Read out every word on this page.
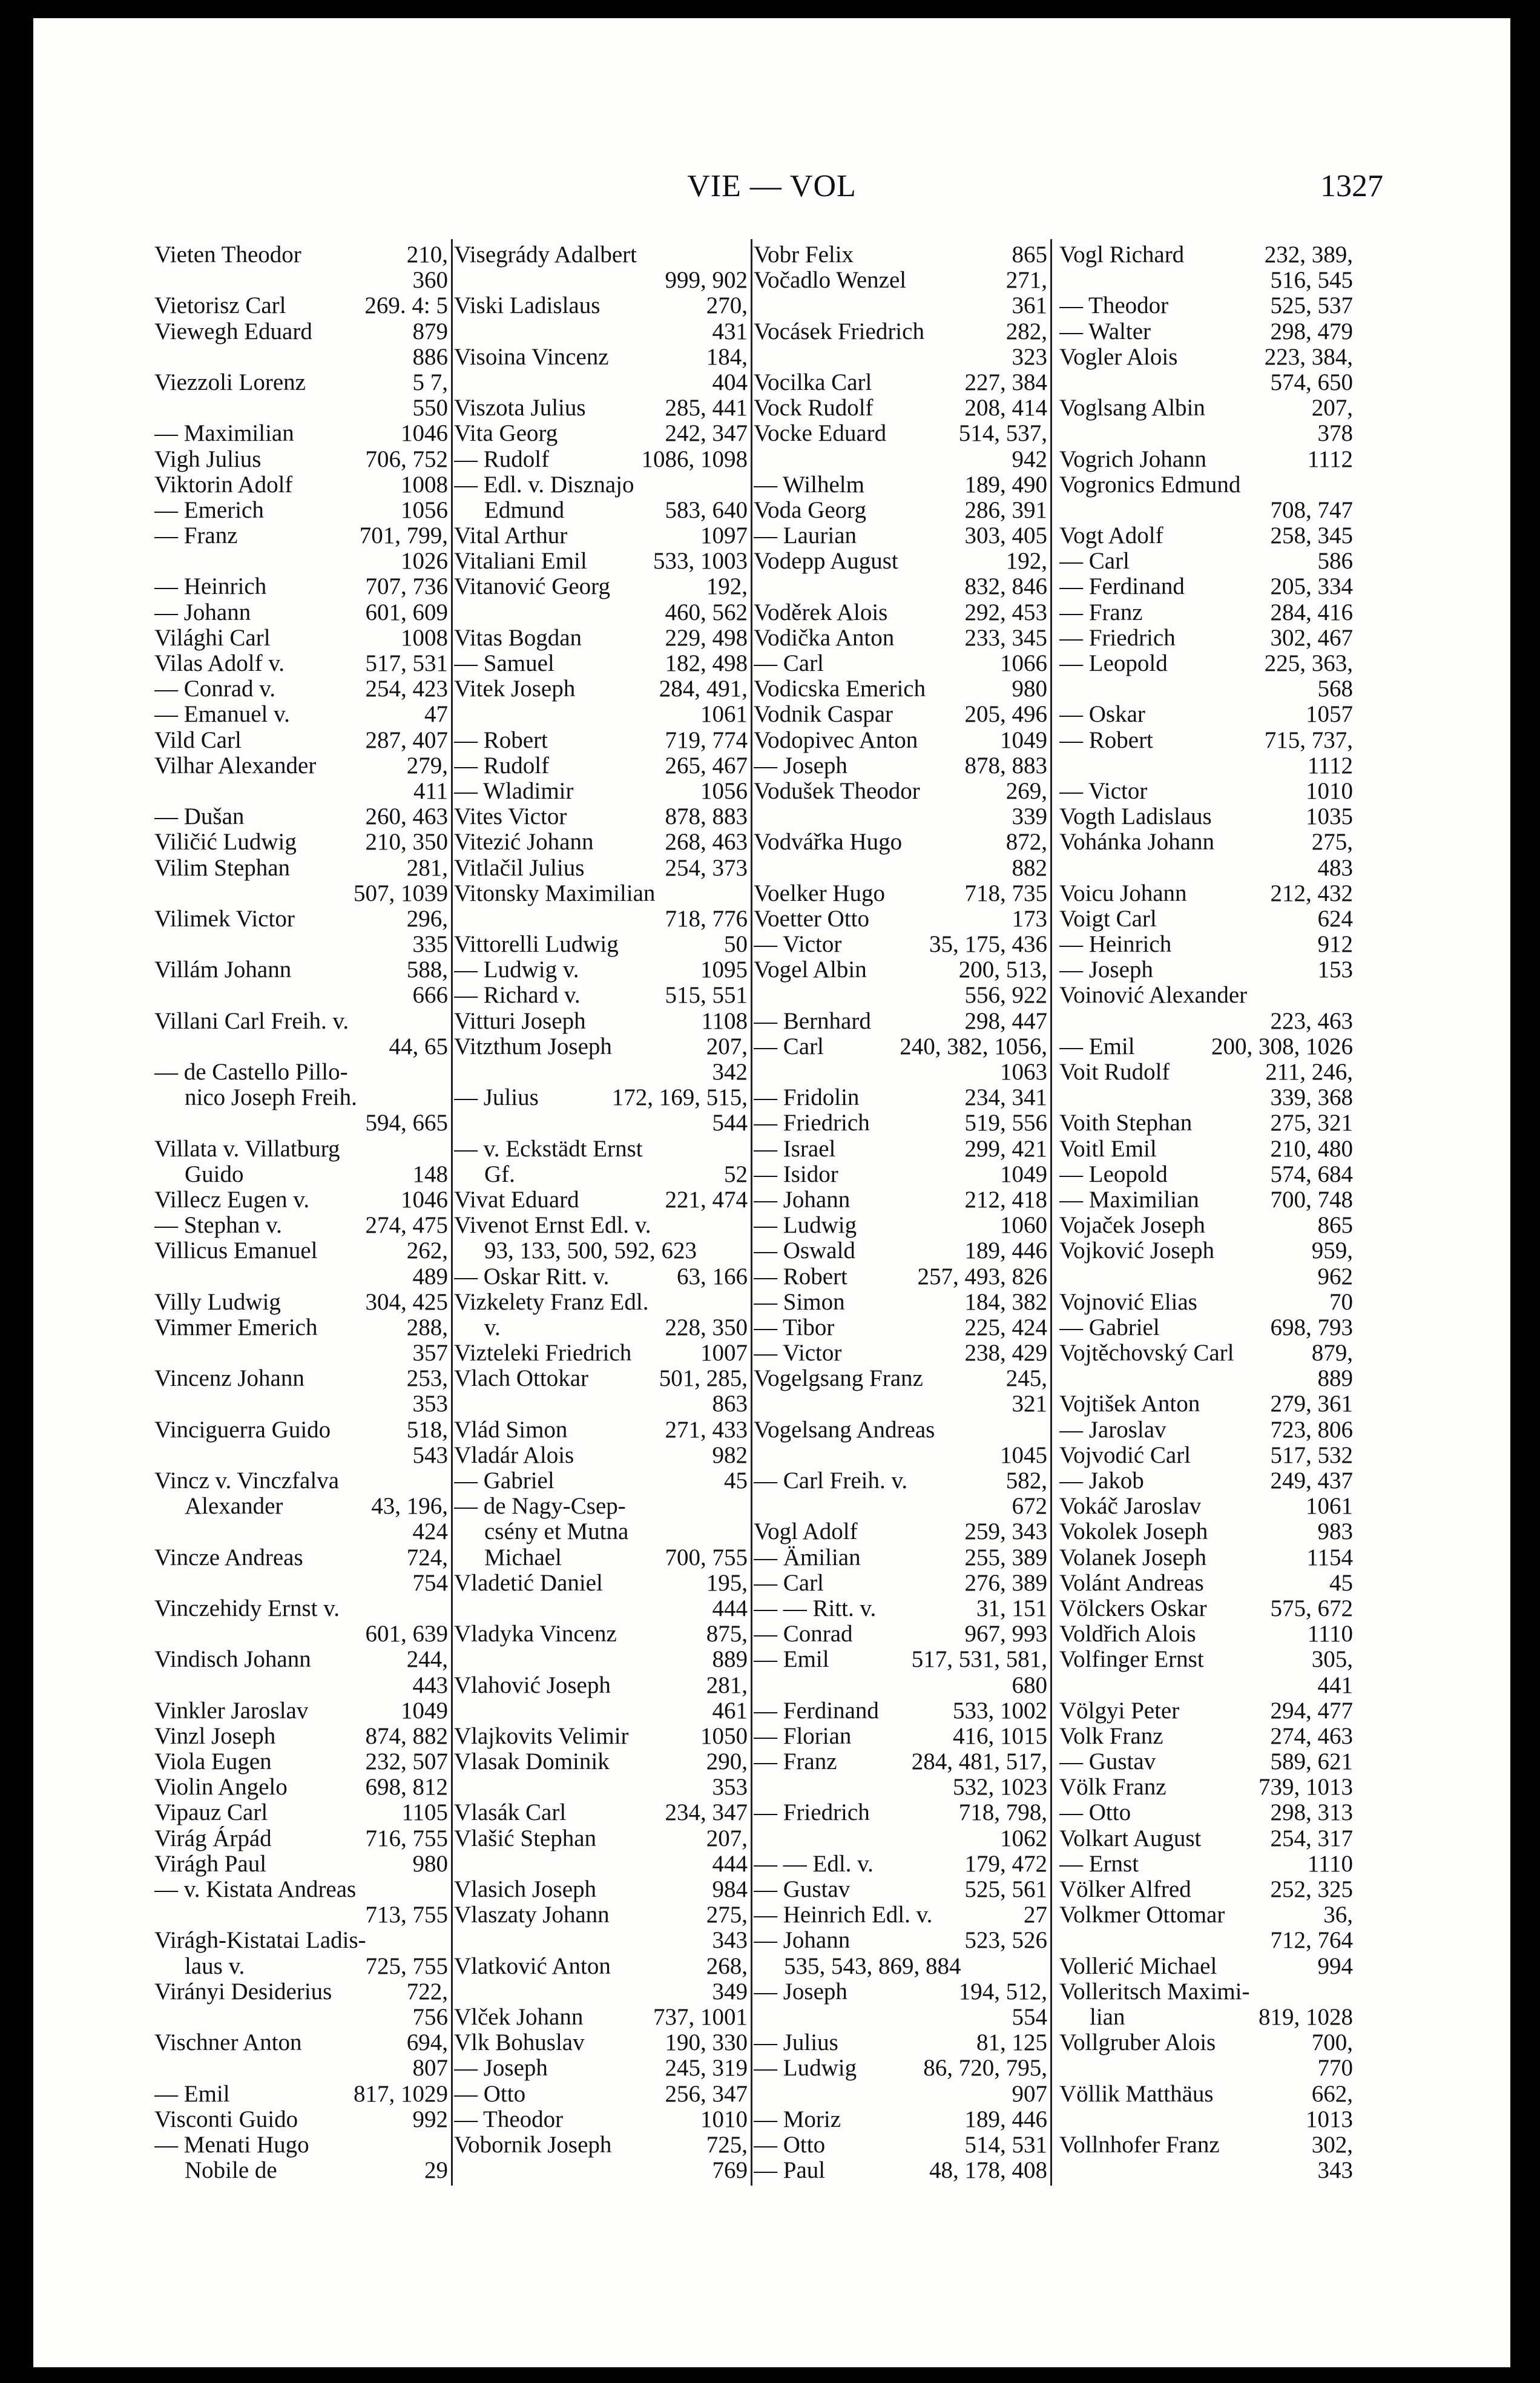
VIE — VOL	1327
Vieten Theodor	210,
360
Vietorisz Carl	269. 4: 5
Viewegh Eduard	879
886
Viezzoli Lorenz	5 7,
550
— Maximilian	1046
Vigh Julius	706, 752
Viktorin Adolf	1008
— Emerich	1056
— Franz	701, 799,
1026
— Heinrich	707, 736
— Johann	601, 609
Világhi Carl	1008
Vilas Adolf v.	517, 531
— Conrad v.	254, 423
— Emanuel v.	47
Vild Carl	287, 407
Vilhar Alexander	279,
411
— Dušan	260, 463
Viličić Ludwig	210, 350
Vilim Stephan	281,
507, 1039
Vilimek Victor	296,
335
Villám Johann	588,
666
Villani Carl Freih. v.
44, 65
— de Castello Pillo-
nico Joseph Freih.
594, 665
Villata v. Villatburg
Guido	148
Villecz Eugen v.	1046
— Stephan v.	274, 475
Villicus Emanuel	262,
489
Villy Ludwig	304, 425
Vimmer Emerich	288,
357
Vincenz Johann	253,
353
Vinciguerra Guido	518,
543
Vincz v. Vinczfalva
Alexander	43, 196,
424
Vincze Andreas	724,
754
Vinczehidy Ernst v.
601, 639
Vindisch Johann	244,
443
Vinkler Jaroslav	1049
Vinzl Joseph	874, 882
Viola Eugen	232, 507
Violin Angelo	698, 812
Vipauz Carl	1105
Virág Árpád	716, 755
Virágh Paul	980
— v. Kistata Andreas
713, 755
Virágh-Kistatai Ladis-
laus v.	725, 755
Virányi Desiderius	722,
756
Vischner Anton	694,
807
— Emil	817, 1029
Visconti Guido	992
— Menati Hugo
Nobile de	29
Visegrády Adalbert
999, 902
Viski Ladislaus	270,
431
Visoina Vincenz	184,
404
Viszota Julius	285, 441
Vita Georg	242, 347
— Rudolf	1086, 1098
— Edl. v. Disznajo
Edmund	583, 640
Vital Arthur	1097
Vitaliani Emil	533, 1003
Vitanović Georg	192,
460, 562
Vitas Bogdan	229, 498
— Samuel	182, 498
Vitek Joseph	284, 491,
1061
— Robert	719, 774
— Rudolf	265, 467
— Wladimir	1056
Vites Victor	878, 883
Vitezić Johann	268, 463
Vitlačil Julius	254, 373
Vitonsky Maximilian
718, 776
Vittorelli Ludwig	50
— Ludwig v.	1095
— Richard v.	515, 551
Vitturi Joseph	1108
Vitzthum Joseph	207,
342
— Julius	172, 169, 515,
544
— v. Eckstädt Ernst
Gf.	52
Vivat Eduard	221, 474
Vivenot Ernst Edl. v.
93, 133, 500, 592, 623
— Oskar Ritt. v.	63, 166
Vizkelety Franz Edl.
v.	228, 350
Vizteleki Friedrich	1007
Vlach Ottokar	501, 285,
863
Vlád Simon	271, 433
Vladár Alois	982
— Gabriel	45
— de Nagy-Csep-
csény et Mutna
Michael	700, 755
Vladetić Daniel	195,
444
Vladyka Vincenz	875,
889
Vlahović Joseph	281,
461
Vlajkovits Velimir	1050
Vlasak Dominik	290,
353
Vlasák Carl	234, 347
Vlašić Stephan	207,
444
Vlasich Joseph	984
Vlaszaty Johann	275,
343
Vlatković Anton	268,
349
Vlček Johann	737, 1001
Vlk Bohuslav	190, 330
— Joseph	245, 319
— Otto	256, 347
— Theodor	1010
Vobornik Joseph	725,
769
Vobr Felix	865
Vočadlo Wenzel	271,
361
Vocásek Friedrich	282,
323
Vocilka Carl	227, 384
Vock Rudolf	208, 414
Vocke Eduard	514, 537,
942
— Wilhelm	189, 490
Voda Georg	286, 391
— Laurian	303, 405
Vodepp August	192,
832, 846
Voděrek Alois	292, 453
Vodička Anton	233, 345
— Carl	1066
Vodicska Emerich	980
Vodnik Caspar	205, 496
Vodopivec Anton	1049
— Joseph	878, 883
Vodušek Theodor	269,
339
Vodvářka Hugo	872,
882
Voelker Hugo	718, 735
Voetter Otto	173
— Victor	35, 175, 436
Vogel Albin	200, 513,
556, 922
— Bernhard	298, 447
— Carl	240, 382, 1056,
1063
— Fridolin	234, 341
— Friedrich	519, 556
— Israel	299, 421
— Isidor	1049
— Johann	212, 418
— Ludwig	1060
— Oswald	189, 446
— Robert	257, 493, 826
— Simon	184, 382
— Tibor	225, 424
— Victor	238, 429
Vogelgsang Franz	245,
321
Vogelsang Andreas
1045
— Carl Freih. v.	582,
672
Vogl Adolf	259, 343
— Ämilian	255, 389
— Carl	276, 389
— — Ritt. v.	31, 151
— Conrad	967, 993
— Emil	517, 531, 581,
680
— Ferdinand	533, 1002
— Florian	416, 1015
— Franz	284, 481, 517,
532, 1023
— Friedrich	718, 798,
1062
— — Edl. v.	179, 472
— Gustav	525, 561
— Heinrich Edl. v.	27
— Johann	523, 526
535, 543, 869, 884
— Joseph	194, 512,
554
— Julius	81, 125
— Ludwig	86, 720, 795,
907
— Moriz	189, 446
— Otto	514, 531
— Paul	48, 178, 408
Vogl Richard	232, 389,
516, 545
— Theodor	525, 537
— Walter	298, 479
Vogler Alois	223, 384,
574, 650
Voglsang Albin	207,
378
Vogrich Johann	1112
Vogronics Edmund
708, 747
Vogt Adolf	258, 345
— Carl	586
— Ferdinand	205, 334
— Franz	284, 416
— Friedrich	302, 467
— Leopold	225, 363,
568
— Oskar	1057
— Robert	715, 737,
1112
— Victor	1010
Vogth Ladislaus	1035
Vohánka Johann	275,
483
Voicu Johann	212, 432
Voigt Carl	624
— Heinrich	912
— Joseph	153
Voinović Alexander
223, 463
— Emil	200, 308, 1026
Voit Rudolf	211, 246,
339, 368
Voith Stephan	275, 321
Voitl Emil	210, 480
— Leopold	574, 684
— Maximilian	700, 748
Vojaček Joseph	865
Vojković Joseph	959,
962
Vojnović Elias	70
— Gabriel	698, 793
Vojtěchovský Carl	879,
889
Vojtišek Anton	279, 361
— Jaroslav	723, 806
Vojvodić Carl	517, 532
— Jakob	249, 437
Vokáč Jaroslav	1061
Vokolek Joseph	983
Volanek Joseph	1154
Volánt Andreas	45
Völckers Oskar	575, 672
Voldřich Alois	1110
Volfinger Ernst	305,
441
Völgyi Peter	294, 477
Volk Franz	274, 463
— Gustav	589, 621
Völk Franz	739, 1013
— Otto	298, 313
Volkart August	254, 317
— Ernst	1110
Völker Alfred	252, 325
Volkmer Ottomar	36,
712, 764
Vollerić Michael	994
Volleritsch Maximi-
lian	819, 1028
Vollgruber Alois	700,
770
Völlik Matthäus	662,
1013
Vollnhofer Franz	302,
343
